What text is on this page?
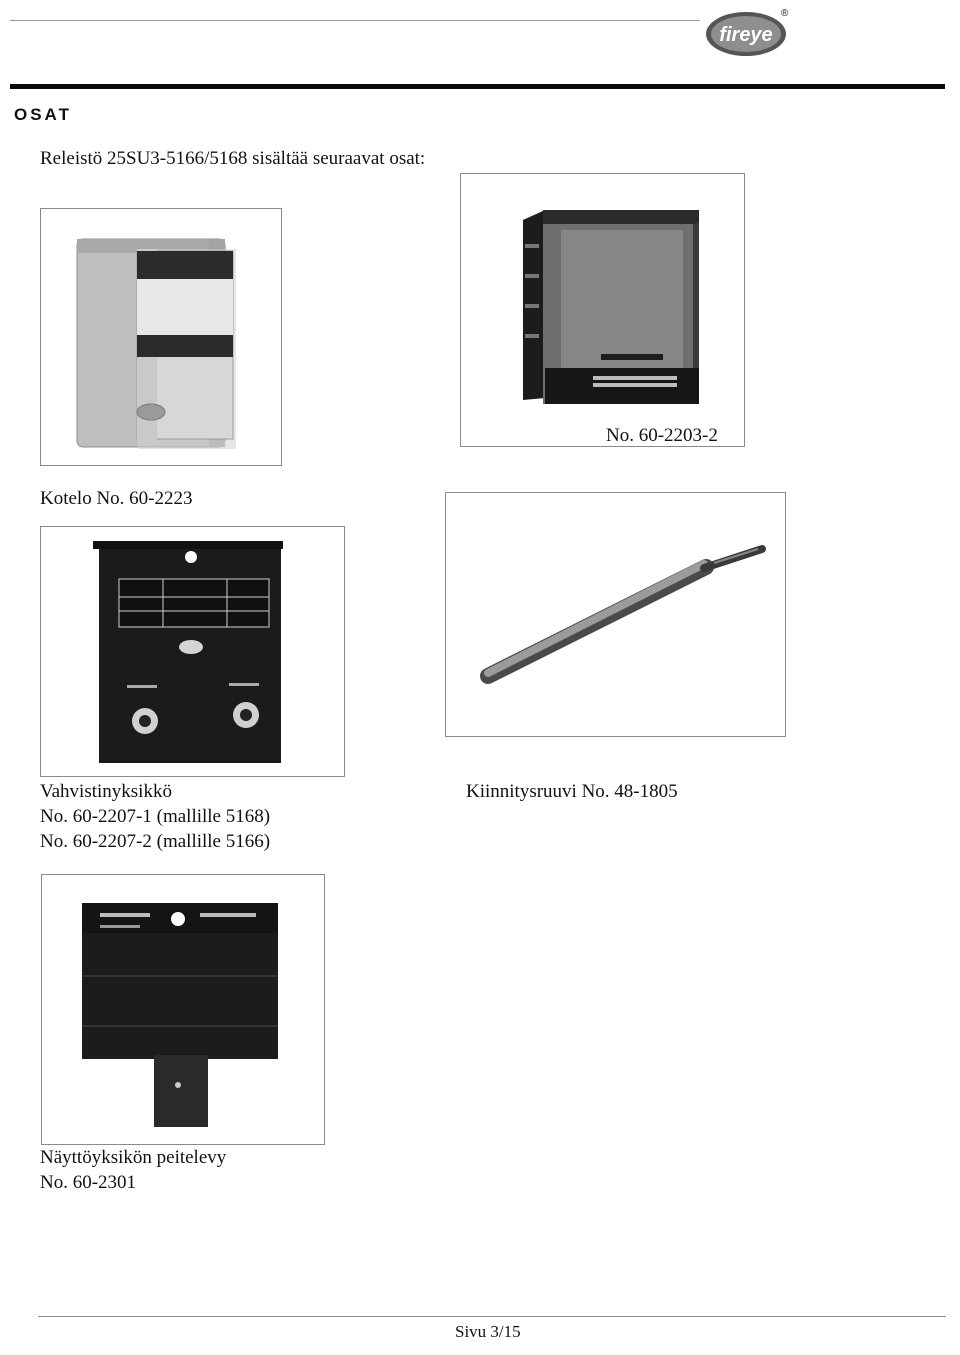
fireye
®
OSAT
Releistö 25SU3-5166/5168 sisältää seuraavat osat:
Kotelo No. 60-2223
No. 60-2203-2
Vahvistinyksikkö
No. 60-2207-1 (mallille 5168)
No. 60-2207-2 (mallille 5166)
Kiinnitysruuvi No. 48-1805
Näyttöyksikön peitelevy
No. 60-2301
Sivu 3/15
